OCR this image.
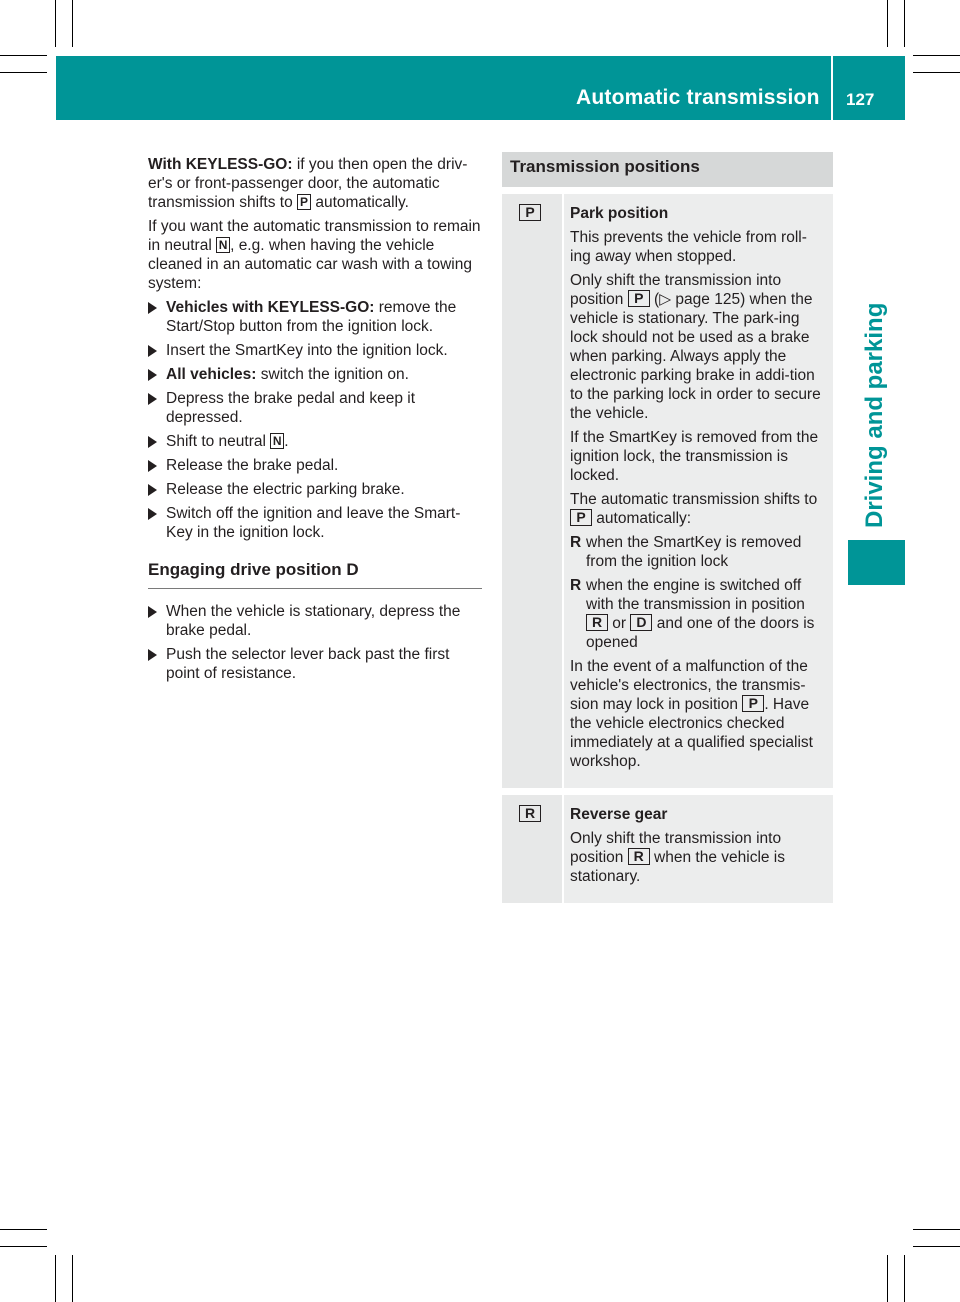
Automatic transmission 127
Driving and parking

With KEYLESS-GO: if you then open the driv-er's or front-passenger door, the automatic transmission shifts to P automatically.

If you want the automatic transmission to remain in neutral N , e.g. when having the vehicle cleaned in an automatic car wash with a towing system:

Vehicles with KEYLESS-GO: remove the Start/Stop button from the ignition lock.
Insert the SmartKey into the ignition lock.
All vehicles: switch the ignition on.
Depress the brake pedal and keep it depressed.
Shift to neutral N .
Release the brake pedal.
Release the electric parking brake.
Switch off the ignition and leave the Smart-Key in the ignition lock.
Engaging drive position D
When the vehicle is stationary, depress the brake pedal.
Push the selector lever back past the first point of resistance.
Transmission positions
P	Park position

This prevents the vehicle from roll-ing away when stopped.

Only shift the transmission into position P (▷ page 125) when the vehicle is stationary. The park-ing lock should not be used as a brake when parking. Always apply the electronic parking brake in addi-tion to the parking lock in order to secure the vehicle.

If the SmartKey is removed from the ignition lock, the transmission is locked.

The automatic transmission shifts to P automatically:

R when the SmartKey is removed from the ignition lock
R when the engine is switched off with the transmission in position R or D and one of the doors is opened

In the event of a malfunction of the vehicle's electronics, the transmis-sion may lock in position P . Have the vehicle electronics checked immediately at a qualified specialist workshop.

R	Reverse gear

Only shift the transmission into position R when the vehicle is stationary.
